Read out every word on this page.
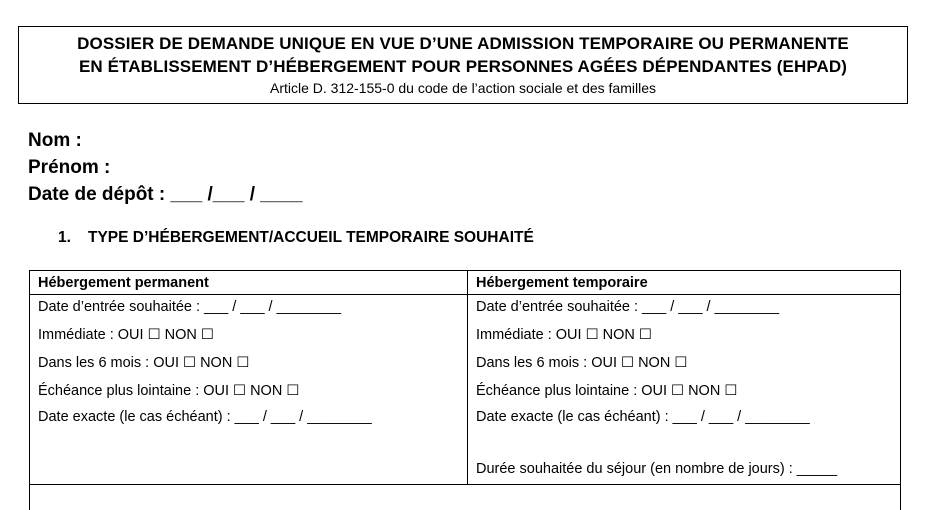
DOSSIER DE DEMANDE UNIQUE EN VUE D’UNE ADMISSION TEMPORAIRE OU PERMANENTE
EN ÉTABLISSEMENT D’HÉBERGEMENT POUR PERSONNES AGÉES DÉPENDANTES (EHPAD)
Article D. 312-155-0 du code de l’action sociale et des familles
Nom :
Prénom :
Date de dépôt : ___ /___ / ____
1. TYPE D’HÉBERGEMENT/ACCUEIL TEMPORAIRE SOUHAITÉ
Hébergement permanent
Date d’entrée souhaitée : ___ / ___ / ________
Immédiate : OUI ☐ NON ☐
Dans les 6 mois : OUI ☐ NON ☐
Échéance plus lointaine : OUI ☐ NON ☐
Date exacte (le cas échéant) : ___ / ___ / ________
Hébergement temporaire
Date d’entrée souhaitée : ___ / ___ / ________
Immédiate : OUI ☐ NON ☐
Dans les 6 mois : OUI ☐ NON ☐
Échéance plus lointaine : OUI ☐ NON ☐
Date exacte (le cas échéant) : ___ / ___ / ________
Durée souhaitée du séjour (en nombre de jours) : _____
